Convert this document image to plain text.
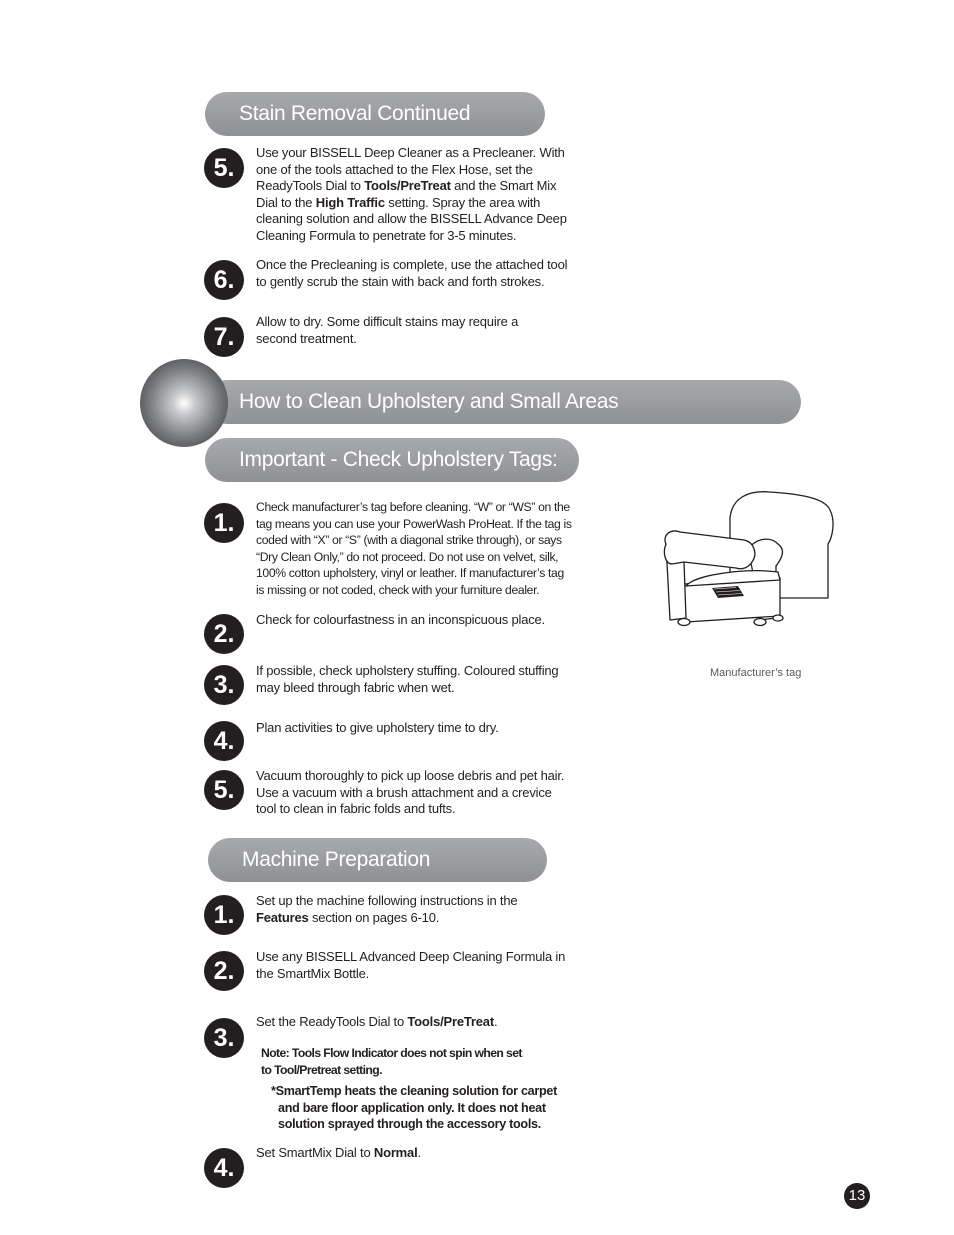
Stain Removal Continued
5.
Use your BISSELL Deep Cleaner as a Precleaner. With
one of the tools attached to the Flex Hose, set the
ReadyTools Dial to Tools/PreTreat and the Smart Mix
Dial to the High Traffic setting. Spray the area with
cleaning solution and allow the BISSELL Advance Deep
Cleaning Formula to penetrate for 3-5 minutes.
6.
Once the Precleaning is complete, use the attached tool
to gently scrub the stain with back and forth strokes.
7.
Allow to dry. Some difficult stains may require a
second treatment.
How to Clean Upholstery and Small Areas
Important - Check Upholstery Tags:
1.
Check manufacturer’s tag before cleaning. “W” or “WS” on the
tag means you can use your PowerWash ProHeat. If the tag is
coded with “X” or “S” (with a diagonal strike through), or says
“Dry Clean Only,” do not proceed. Do not use on velvet, silk,
100% cotton upholstery, vinyl or leather. If manufacturer’s tag
is missing or not coded, check with your furniture dealer.
2.
Check for colourfastness in an inconspicuous place.
3.
If possible, check upholstery stuffing. Coloured stuffing
may bleed through fabric when wet.
4.	Plan activities to give upholstery time to dry.
5.
Vacuum thoroughly to pick up loose debris and pet hair.
Use a vacuum with a brush attachment and a crevice
tool to clean in fabric folds and tufts.
Manufacturer’s tag
Machine Preparation
1.
Set up the machine following instructions in the
Features section on pages 6-10.
2.
Use any BISSELL Advanced Deep Cleaning Formula in
the SmartMix Bottle.
3.
Set the ReadyTools Dial to Tools/PreTreat.
Note: Tools Flow Indicator does not spin when set
to Tool/Pretreat setting.
*SmartTemp heats the cleaning solution for carpet
and bare floor application only. It does not heat
solution sprayed through the accessory tools.
4.
Set SmartMix Dial to Normal.
13
